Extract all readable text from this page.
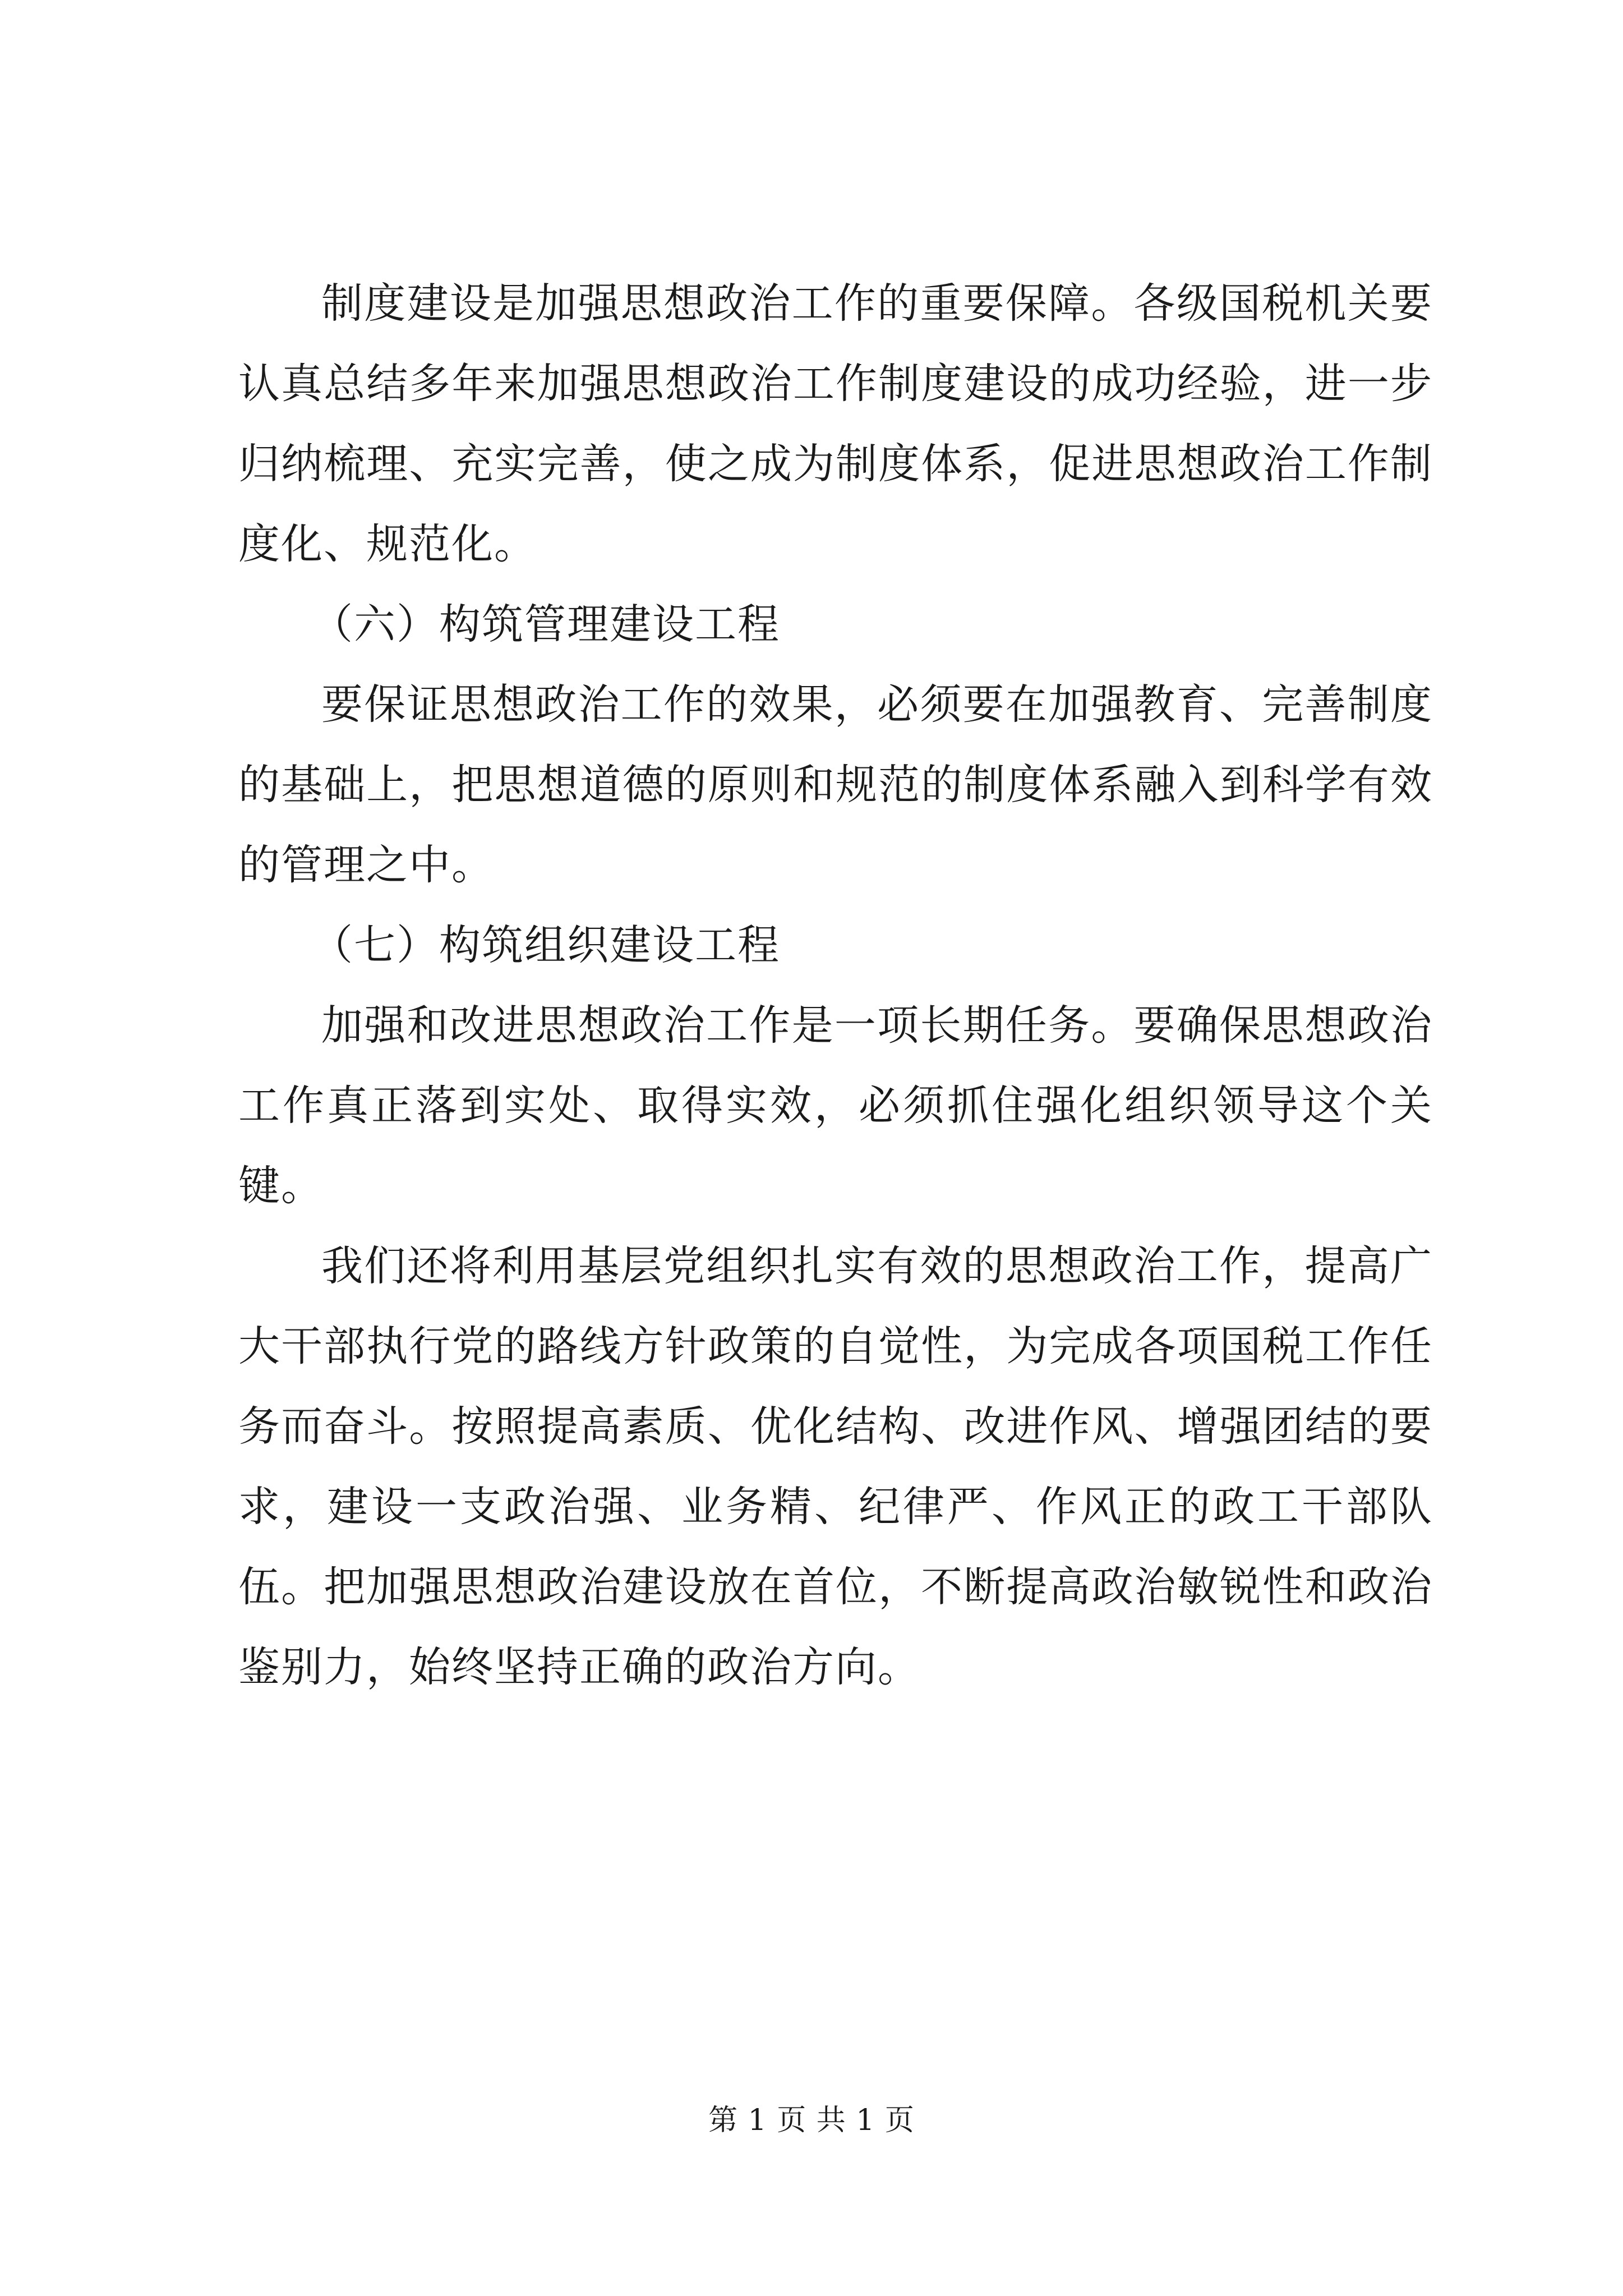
制度建设是加强思想政治工作的重要保障。各级国税机关要认真总结多年来加强思想政治工作制度建设的成功经验，进一步归纳梳理、充实完善，使之成为制度体系，促进思想政治工作制度化、规范化。

（六）构筑管理建设工程

要保证思想政治工作的效果，必须要在加强教育、完善制度的基础上，把思想道德的原则和规范的制度体系融入到科学有效的管理之中。

（七）构筑组织建设工程

加强和改进思想政治工作是一项长期任务。要确保思想政治工作真正落到实处、取得实效，必须抓住强化组织领导这个关键。

我们还将利用基层党组织扎实有效的思想政治工作，提高广大干部执行党的路线方针政策的自觉性，为完成各项国税工作任务而奋斗。按照提高素质、优化结构、改进作风、增强团结的要求，建设一支政治强、业务精、纪律严、作风正的政工干部队伍。把加强思想政治建设放在首位，不断提高政治敏锐性和政治鉴别力，始终坚持正确的政治方向。

第 1 页 共 1 页
